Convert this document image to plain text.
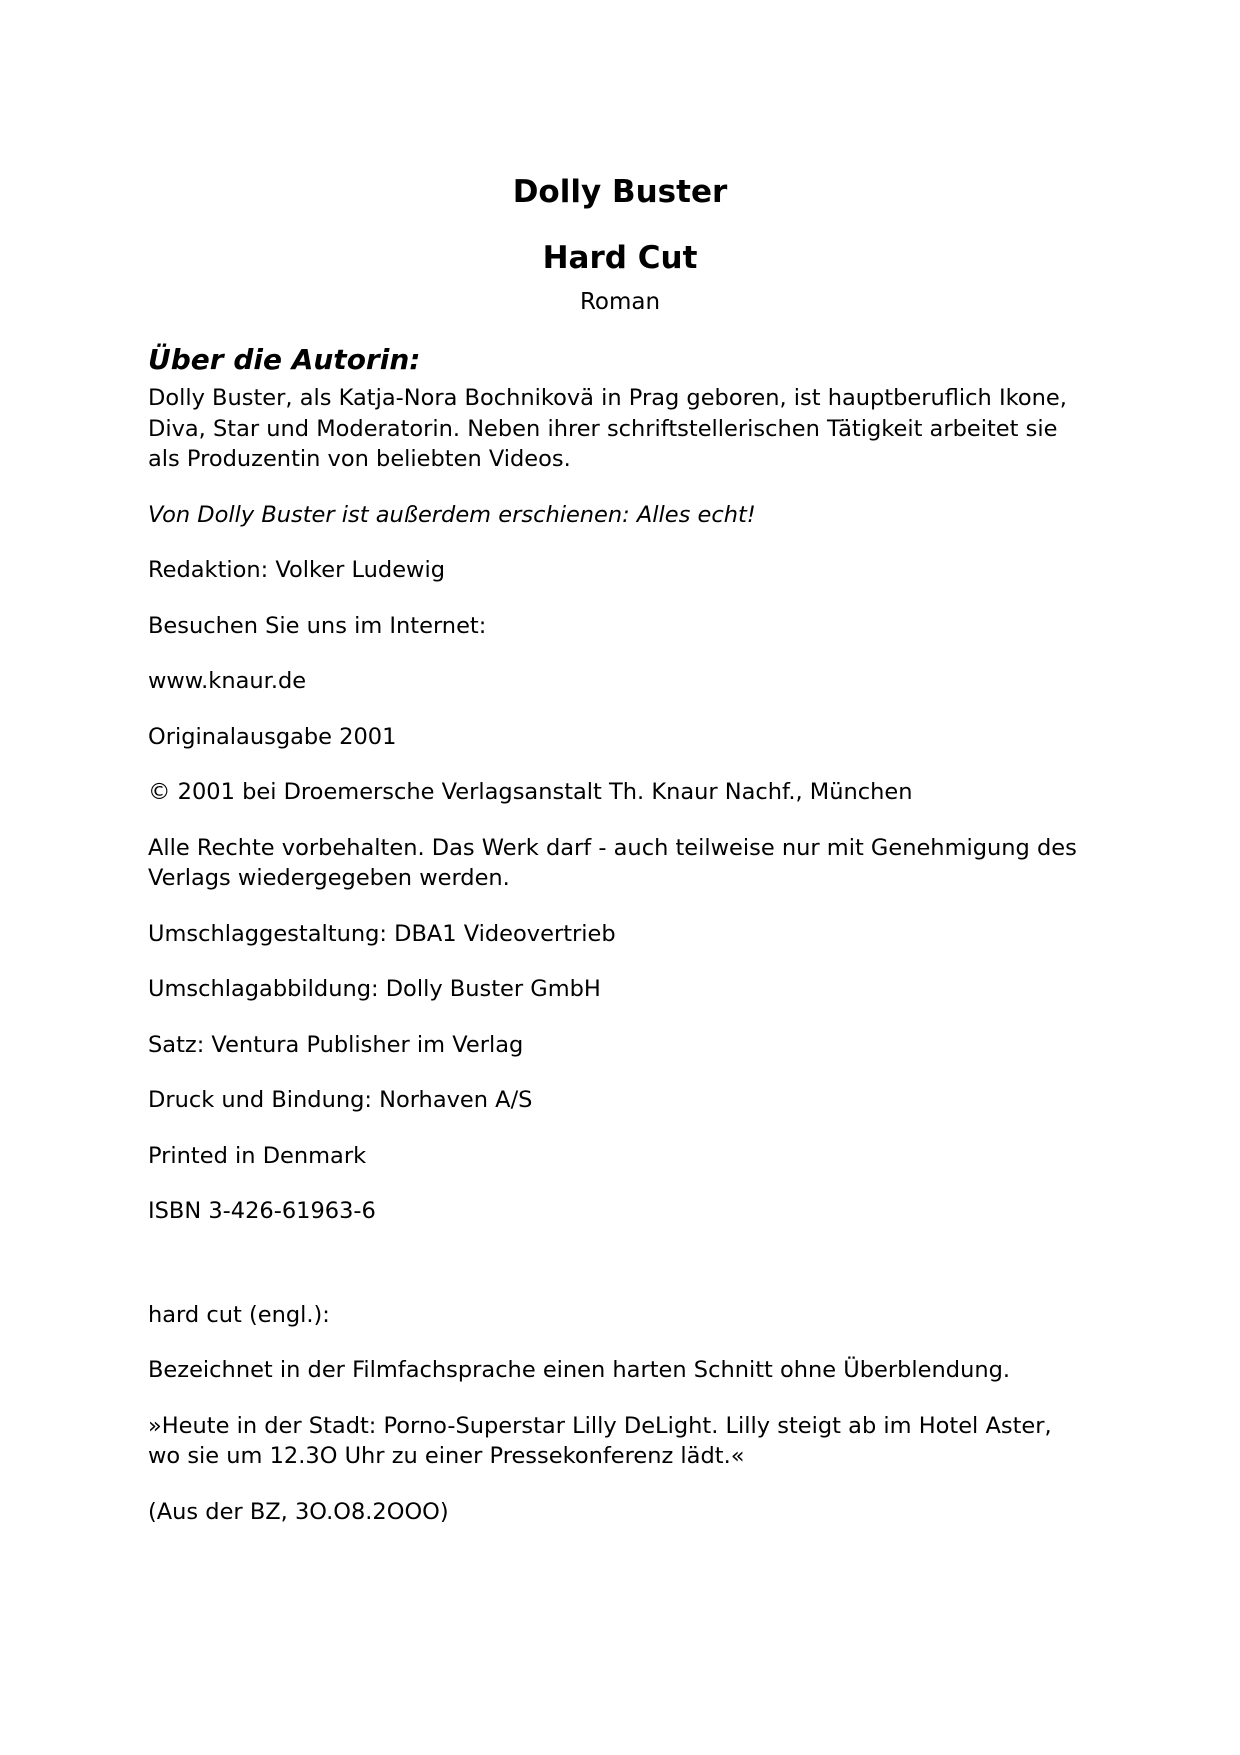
Dolly Buster
Hard Cut
Roman
Über die Autorin:

Dolly Buster, als Katja-Nora Bochnikovä in Prag geboren, ist hauptberuflich Ikone, Diva, Star und Moderatorin. Neben ihrer schriftstellerischen Tätigkeit arbeitet sie als Produzentin von beliebten Videos.

Von Dolly Buster ist außerdem erschienen: Alles echt!

Redaktion: Volker Ludewig

Besuchen Sie uns im Internet:

www.knaur.de

Originalausgabe 2001

© 2001 bei Droemersche Verlagsanstalt Th. Knaur Nachf., München

Alle Rechte vorbehalten. Das Werk darf - auch teilweise nur mit Genehmigung des Verlags wiedergegeben werden.

Umschlaggestaltung: DBA1 Videovertrieb

Umschlagabbildung: Dolly Buster GmbH

Satz: Ventura Publisher im Verlag

Druck und Bindung: Norhaven A/S

Printed in Denmark

ISBN 3-426-61963-6

hard cut (engl.):

Bezeichnet in der Filmfachsprache einen harten Schnitt ohne Überblendung.

»Heute in der Stadt: Porno-Superstar Lilly DeLight. Lilly steigt ab im Hotel Aster, wo sie um 12.3O Uhr zu einer Pressekonferenz lädt.«

(Aus der BZ, 3O.O8.2OOO)
